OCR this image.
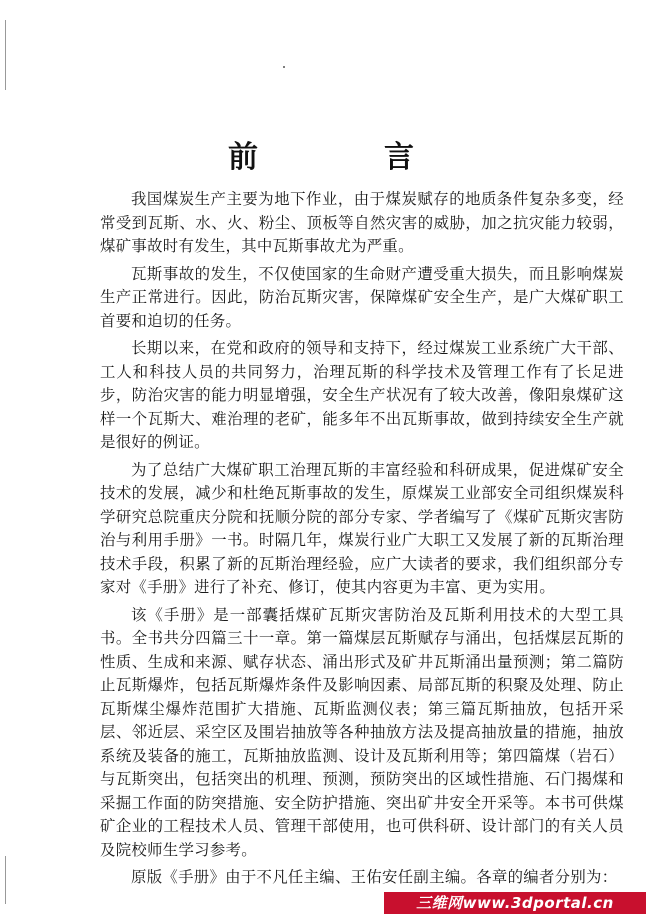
前　言

我国煤炭生产主要为地下作业，由于煤炭赋存的地质条件复杂多变，经常受到瓦斯、水、火、粉尘、顶板等自然灾害的威胁，加之抗灾能力较弱，煤矿事故时有发生，其中瓦斯事故尤为严重。

瓦斯事故的发生，不仅使国家的生命财产遭受重大损失，而且影响煤炭生产正常进行。因此，防治瓦斯灾害，保障煤矿安全生产，是广大煤矿职工首要和迫切的任务。

长期以来，在党和政府的领导和支持下，经过煤炭工业系统广大干部、工人和科技人员的共同努力，治理瓦斯的科学技术及管理工作有了长足进步，防治灾害的能力明显增强，安全生产状况有了较大改善，像阳泉煤矿这样一个瓦斯大、难治理的老矿，能多年不出瓦斯事故，做到持续安全生产就是很好的例证。

为了总结广大煤矿职工治理瓦斯的丰富经验和科研成果，促进煤矿安全技术的发展，减少和杜绝瓦斯事故的发生，原煤炭工业部安全司组织煤炭科学研究总院重庆分院和抚顺分院的部分专家、学者编写了《煤矿瓦斯灾害防治与利用手册》一书。时隔几年，煤炭行业广大职工又发展了新的瓦斯治理技术手段，积累了新的瓦斯治理经验，应广大读者的要求，我们组织部分专家对《手册》进行了补充、修订，使其内容更为丰富、更为实用。

该《手册》是一部囊括煤矿瓦斯灾害防治及瓦斯利用技术的大型工具书。全书共分四篇三十一章。第一篇煤层瓦斯赋存与涌出，包括煤层瓦斯的性质、生成和来源、赋存状态、涌出形式及矿井瓦斯涌出量预测；第二篇防止瓦斯爆炸，包括瓦斯爆炸条件及影响因素、局部瓦斯的积聚及处理、防止瓦斯煤尘爆炸范围扩大措施、瓦斯监测仪表；第三篇瓦斯抽放，包括开采层、邻近层、采空区及围岩抽放等各种抽放方法及提高抽放量的措施，抽放系统及装备的施工，瓦斯抽放监测、设计及瓦斯利用等；第四篇煤（岩石）与瓦斯突出，包括突出的机理、预测，预防突出的区域性措施、石门揭煤和采掘工作面的防突措施、安全防护措施、突出矿井安全开采等。本书可供煤矿企业的工程技术人员、管理干部使用，也可供科研、设计部门的有关人员及院校师生学习参考。

原版《手册》由于不凡任主编、王佑安任副主编。各章的编者分别为：

三维网www.3dportal.cn
